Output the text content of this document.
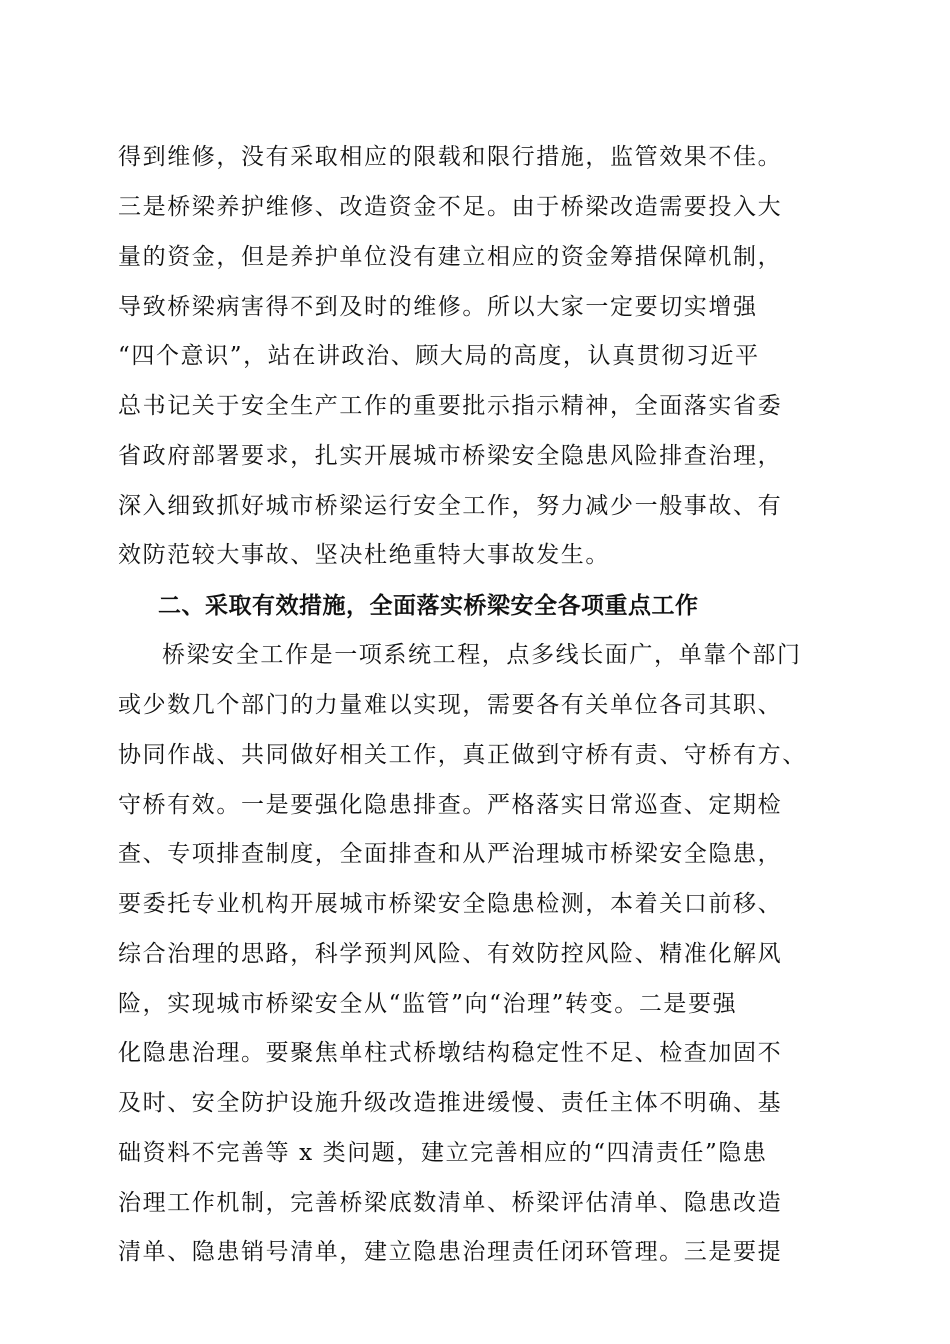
得到维修，没有采取相应的限载和限行措施，监管效果不佳。
三是桥梁养护维修、改造资金不足。由于桥梁改造需要投入大
量的资金，但是养护单位没有建立相应的资金筹措保障机制，
导致桥梁病害得不到及时的维修。所以大家一定要切实增强
“四个意识”，站在讲政治、顾大局的高度，认真贯彻习近平
总书记关于安全生产工作的重要批示指示精神，全面落实省委
省政府部署要求，扎实开展城市桥梁安全隐患风险排查治理，
深入细致抓好城市桥梁运行安全工作，努力减少一般事故、有
效防范较大事故、坚决杜绝重特大事故发生。
二、采取有效措施，全面落实桥梁安全各项重点工作
桥梁安全工作是一项系统工程，点多线长面广，单靠个部门
或少数几个部门的力量难以实现，需要各有关单位各司其职、
协同作战、共同做好相关工作，真正做到守桥有责、守桥有方、
守桥有效。一是要强化隐患排查。严格落实日常巡查、定期检
查、专项排查制度，全面排查和从严治理城市桥梁安全隐患，
要委托专业机构开展城市桥梁安全隐患检测，本着关口前移、
综合治理的思路，科学预判风险、有效防控风险、精准化解风
险，实现城市桥梁安全从“监管”向“治理”转变。二是要强
化隐患治理。要聚焦单柱式桥墩结构稳定性不足、检查加固不
及时、安全防护设施升级改造推进缓慢、责任主体不明确、基
础资料不完善等 x 类问题，建立完善相应的“四清责任”隐患
治理工作机制，完善桥梁底数清单、桥梁评估清单、隐患改造
清单、隐患销号清单，建立隐患治理责任闭环管理。三是要提
